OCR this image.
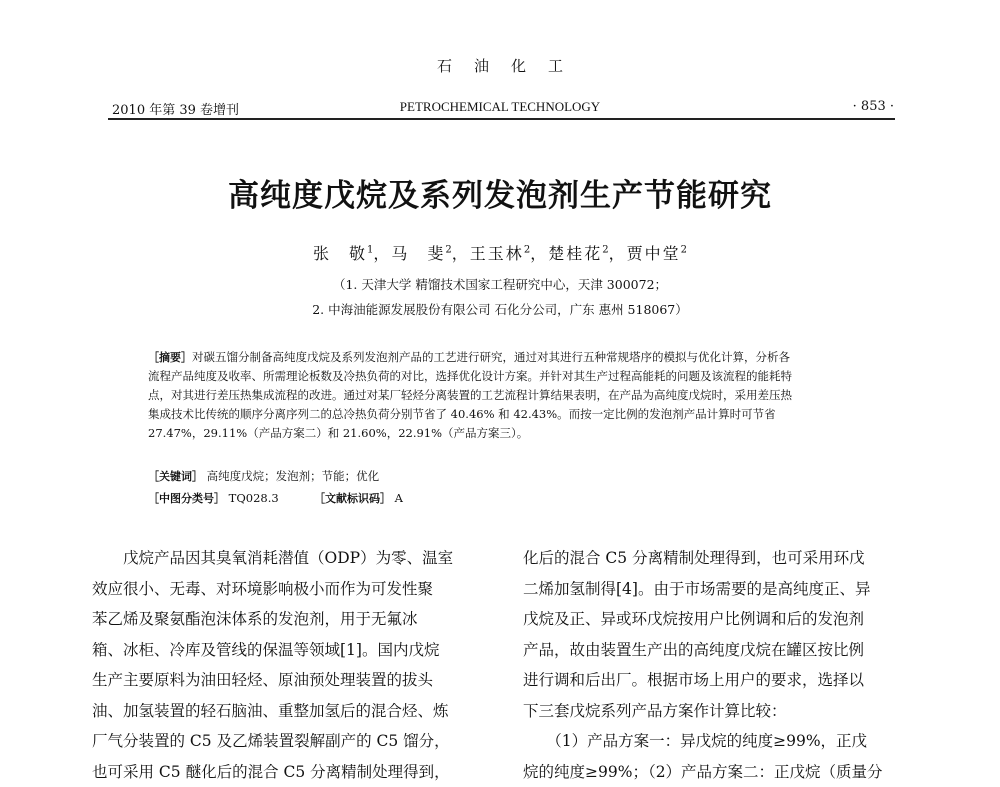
石油化工
2010 年第 39 卷增刊	PETROCHEMICAL TECHNOLOGY	· 853 ·
高纯度戊烷及系列发泡剂生产节能研究
张　敬$^1$，马　斐$^2$，王玉林$^2$，楚桂花$^2$，贾中堂$^2$
（1. 天津大学 精馏技术国家工程研究中心，天津 300072；
2. 中海油能源发展股份有限公司 石化分公司，广东 惠州 518067）
［摘要］对碳五馏分制备高纯度戊烷及系列发泡剂产品的工艺进行研究，通过对其进行五种常规塔序的模拟与优化计算，分析各
流程产品纯度及收率、所需理论板数及冷热负荷的对比，选择优化设计方案。并针对其生产过程高能耗的问题及该流程的能耗特
点，对其进行差压热集成流程的改进。通过对某厂轻烃分离装置的工艺流程计算结果表明，在产品为高纯度戊烷时，采用差压热
集成技术比传统的顺序分离序列二的总冷热负荷分别节省了 40.46% 和 42.43%。而按一定比例的发泡剂产品计算时可节省
27.47%，29.11%（产品方案二）和 21.60%，22.91%（产品方案三）。
［关键词］ 高纯度戊烷；发泡剂；节能；优化
［中图分类号］ TQ028.3	［文献标识码］ A
　　戊烷产品因其臭氧消耗潜值（ODP）为零、温室
效应很小、无毒、对环境影响极小而作为可发性聚
苯乙烯及聚氨酯泡沫体系的发泡剂，用于无氟冰
箱、冰柜、冷库及管线的保温等领域[1]。国内戊烷
生产主要原料为油田轻烃、原油预处理装置的拔头
油、加氢装置的轻石脑油、重整加氢后的混合烃、炼
厂气分装置的 C5 及乙烯装置裂解副产的 C5 馏分，
也可采用 C5 醚化后的混合 C5 分离精制处理得到，
化后的混合 C5 分离精制处理得到，也可采用环戊
二烯加氢制得[4]。由于市场需要的是高纯度正、异
戊烷及正、异或环戊烷按用户比例调和后的发泡剂
产品，故由装置生产出的高纯度戊烷在罐区按比例
进行调和后出厂。根据市场上用户的要求，选择以
下三套戊烷系列产品方案作计算比较：
　　（1）产品方案一：异戊烷的纯度≥99%，正戊
烷的纯度≥99%；（2）产品方案二：正戊烷（质量分
